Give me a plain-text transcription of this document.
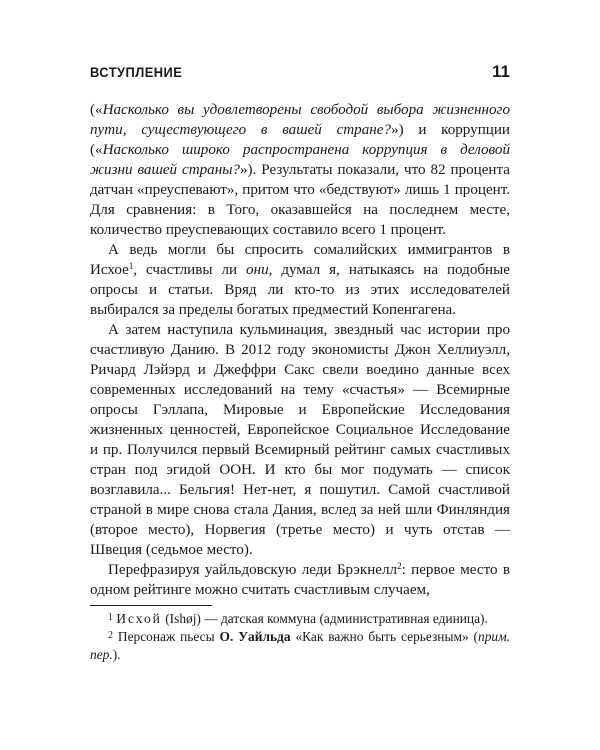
ВСТУПЛЕНИЕ	11

(«Насколько вы удовлетворены свободой выбора жизненного пути, существующего в вашей стране?») и коррупции («Насколько широко распространена коррупция в деловой жизни вашей страны?»). Результаты показали, что 82 процента датчан «преуспевают», притом что «бедствуют» лишь 1 процент. Для сравнения: в Того, оказавшейся на последнем месте, количество преуспевающих составило всего 1 процент.

А ведь могли бы спросить сомалийских иммигрантов в Исхое$^1$, счастливы ли они, думал я, натыкаясь на подобные опросы и статьи. Вряд ли кто-то из этих исследователей выбирался за пределы богатых предместий Копенгагена.

А затем наступила кульминация, звездный час истории про счастливую Данию. В 2012 году экономисты Джон Хеллиуэлл, Ричард Лэйэрд и Джеффри Сакс свели воедино данные всех современных исследований на тему «счастья» — Всемирные опросы Гэллапа, Мировые и Европейские Исследования жизненных ценностей, Европейское Социальное Исследование и пр. Получился первый Всемирный рейтинг самых счастливых стран под эгидой ООН. И кто бы мог подумать — список возглавила... Бельгия! Нет-нет, я пошутил. Самой счастливой страной в мире снова стала Дания, вслед за ней шли Финляндия (второе место), Норвегия (третье место) и чуть отстав — Швеция (седьмое место).

Перефразируя уайльдовскую леди Брэкнелл$^2$: первое место в одном рейтинге можно считать счастливым случаем,

$^1$ Исхой (Ishøj) — датская коммуна (административная единица).

$^2$ Персонаж пьесы О. Уайльда «Как важно быть серьезным» (прим. пер.).
